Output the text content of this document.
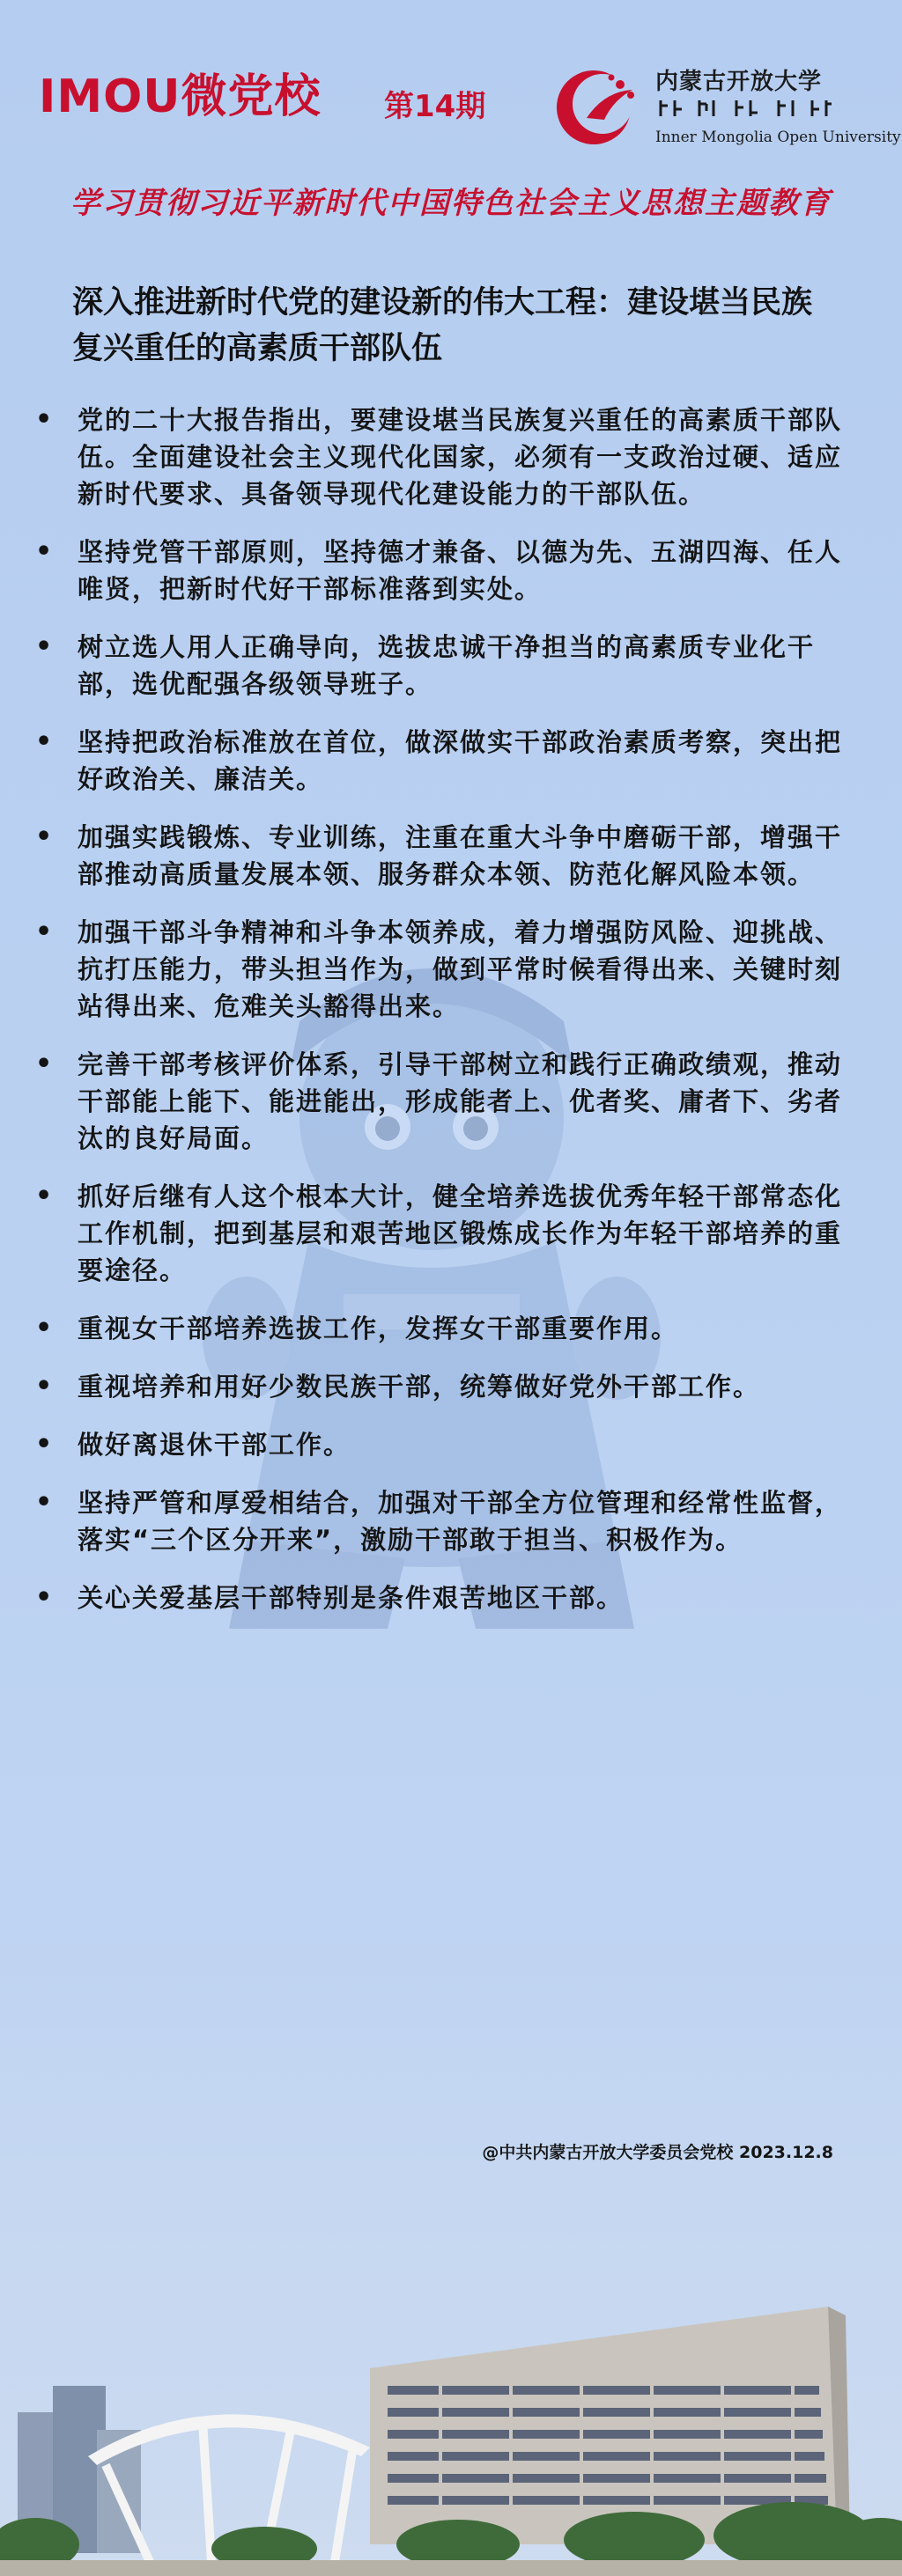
IMOU微党校 第14期
内蒙古开放大学
Inner Mongolia Open University
学习贯彻习近平新时代中国特色社会主义思想主题教育
深入推进新时代党的建设新的伟大工程：建设堪当民族复兴重任的高素质干部队伍
• 党的二十大报告指出，要建设堪当民族复兴重任的高素质干部队伍。全面建设社会主义现代化国家，必须有一支政治过硬、适应新时代要求、具备领导现代化建设能力的干部队伍。
• 坚持党管干部原则，坚持德才兼备、以德为先、五湖四海、任人唯贤，把新时代好干部标准落到实处。
• 树立选人用人正确导向，选拔忠诚干净担当的高素质专业化干部，选优配强各级领导班子。
• 坚持把政治标准放在首位，做深做实干部政治素质考察，突出把好政治关、廉洁关。
• 加强实践锻炼、专业训练，注重在重大斗争中磨砺干部，增强干部推动高质量发展本领、服务群众本领、防范化解风险本领。
• 加强干部斗争精神和斗争本领养成，着力增强防风险、迎挑战、抗打压能力，带头担当作为，做到平常时候看得出来、关键时刻站得出来、危难关头豁得出来。
• 完善干部考核评价体系，引导干部树立和践行正确政绩观，推动干部能上能下、能进能出，形成能者上、优者奖、庸者下、劣者汰的良好局面。
• 抓好后继有人这个根本大计，健全培养选拔优秀年轻干部常态化工作机制，把到基层和艰苦地区锻炼成长作为年轻干部培养的重要途径。
• 重视女干部培养选拔工作，发挥女干部重要作用。
• 重视培养和用好少数民族干部，统筹做好党外干部工作。
• 做好离退休干部工作。
• 坚持严管和厚爱相结合，加强对干部全方位管理和经常性监督，落实“三个区分开来”，激励干部敢于担当、积极作为。
• 关心关爱基层干部特别是条件艰苦地区干部。
@中共内蒙古开放大学委员会党校 2023.12.8
